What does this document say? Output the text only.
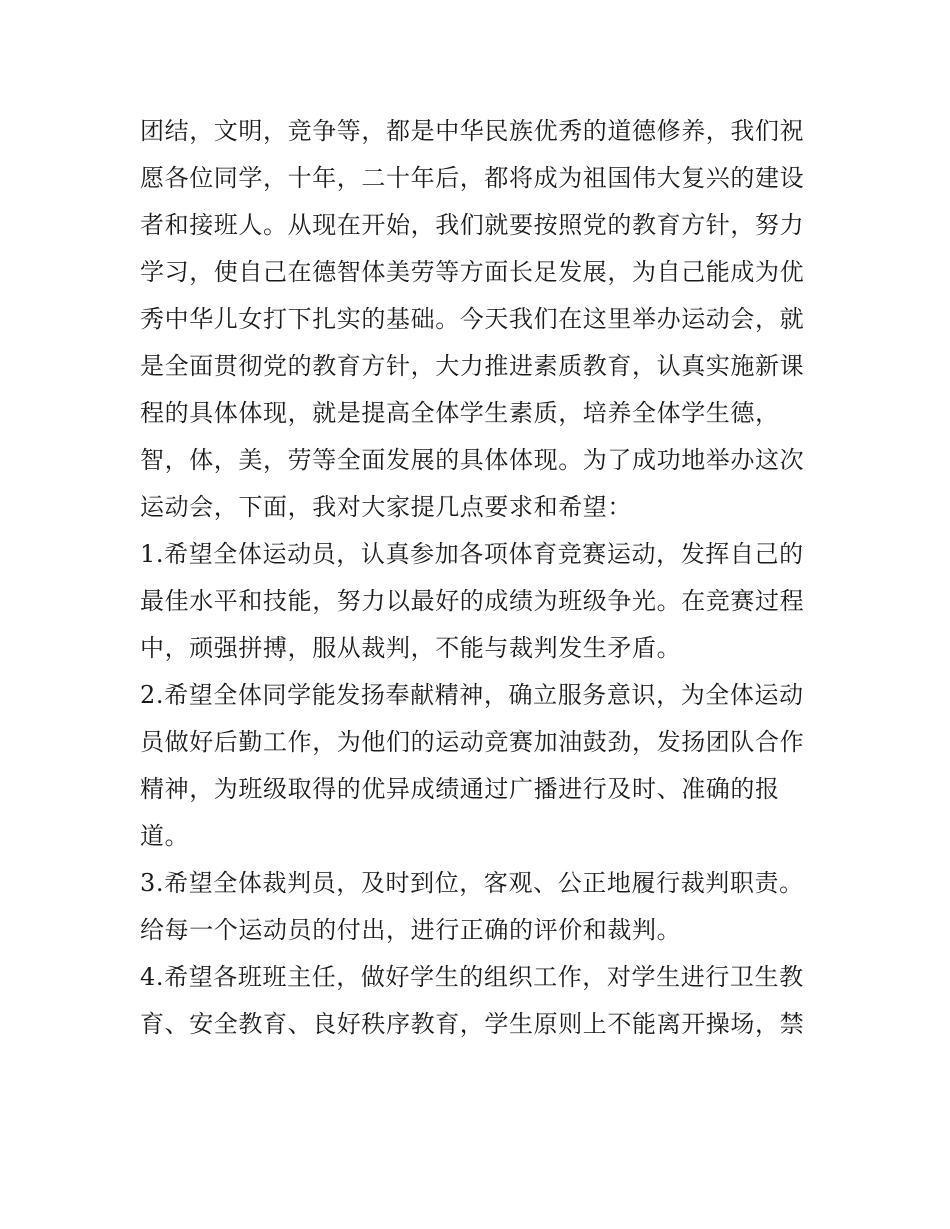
团结，文明，竞争等，都是中华民族优秀的道德修养，我们祝
愿各位同学，十年，二十年后，都将成为祖国伟大复兴的建设
者和接班人。从现在开始，我们就要按照党的教育方针，努力
学习，使自己在德智体美劳等方面长足发展，为自己能成为优
秀中华儿女打下扎实的基础。今天我们在这里举办运动会，就
是全面贯彻党的教育方针，大力推进素质教育，认真实施新课
程的具体体现，就是提高全体学生素质，培养全体学生德，
智，体，美，劳等全面发展的具体体现。为了成功地举办这次
运动会，下面，我对大家提几点要求和希望：
1.希望全体运动员，认真参加各项体育竞赛运动，发挥自己的
最佳水平和技能，努力以最好的成绩为班级争光。在竞赛过程
中，顽强拼搏，服从裁判，不能与裁判发生矛盾。
2.希望全体同学能发扬奉献精神，确立服务意识，为全体运动
员做好后勤工作，为他们的运动竞赛加油鼓劲，发扬团队合作
精神，为班级取得的优异成绩通过广播进行及时、准确的报
道。
3.希望全体裁判员，及时到位，客观、公正地履行裁判职责。
给每一个运动员的付出，进行正确的评价和裁判。
4.希望各班班主任，做好学生的组织工作，对学生进行卫生教
育、安全教育、良好秩序教育，学生原则上不能离开操场，禁
